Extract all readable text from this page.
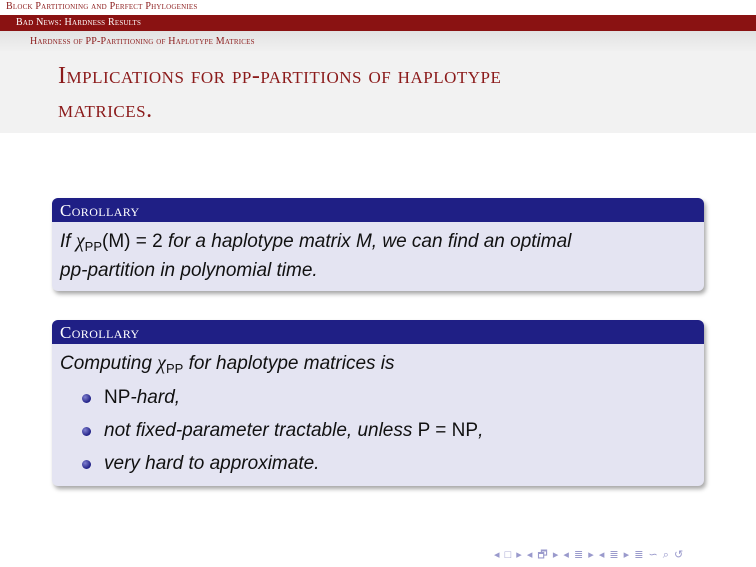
Block Partitioning and Perfect Phylogenies
Bad News: Hardness Results
Hardness of PP-Partitioning of Haplotype Matrices
Implications for pp-partitions of haplotype
matrices.
Corollary
If $\chi_{PP}(M) = 2$ for a haplotype matrix M, we can find an optimal
pp-partition in polynomial time.
Corollary
Computing $\chi_{PP}$ for haplotype matrices is
NP-hard,
not fixed-parameter tractable, unless P = NP,
very hard to approximate.
◂ □ ▸ ◂ 🗗 ▸ ◂ ≣ ▸ ◂ ≣ ▸ ≣ ∽ ⌕ ↺
